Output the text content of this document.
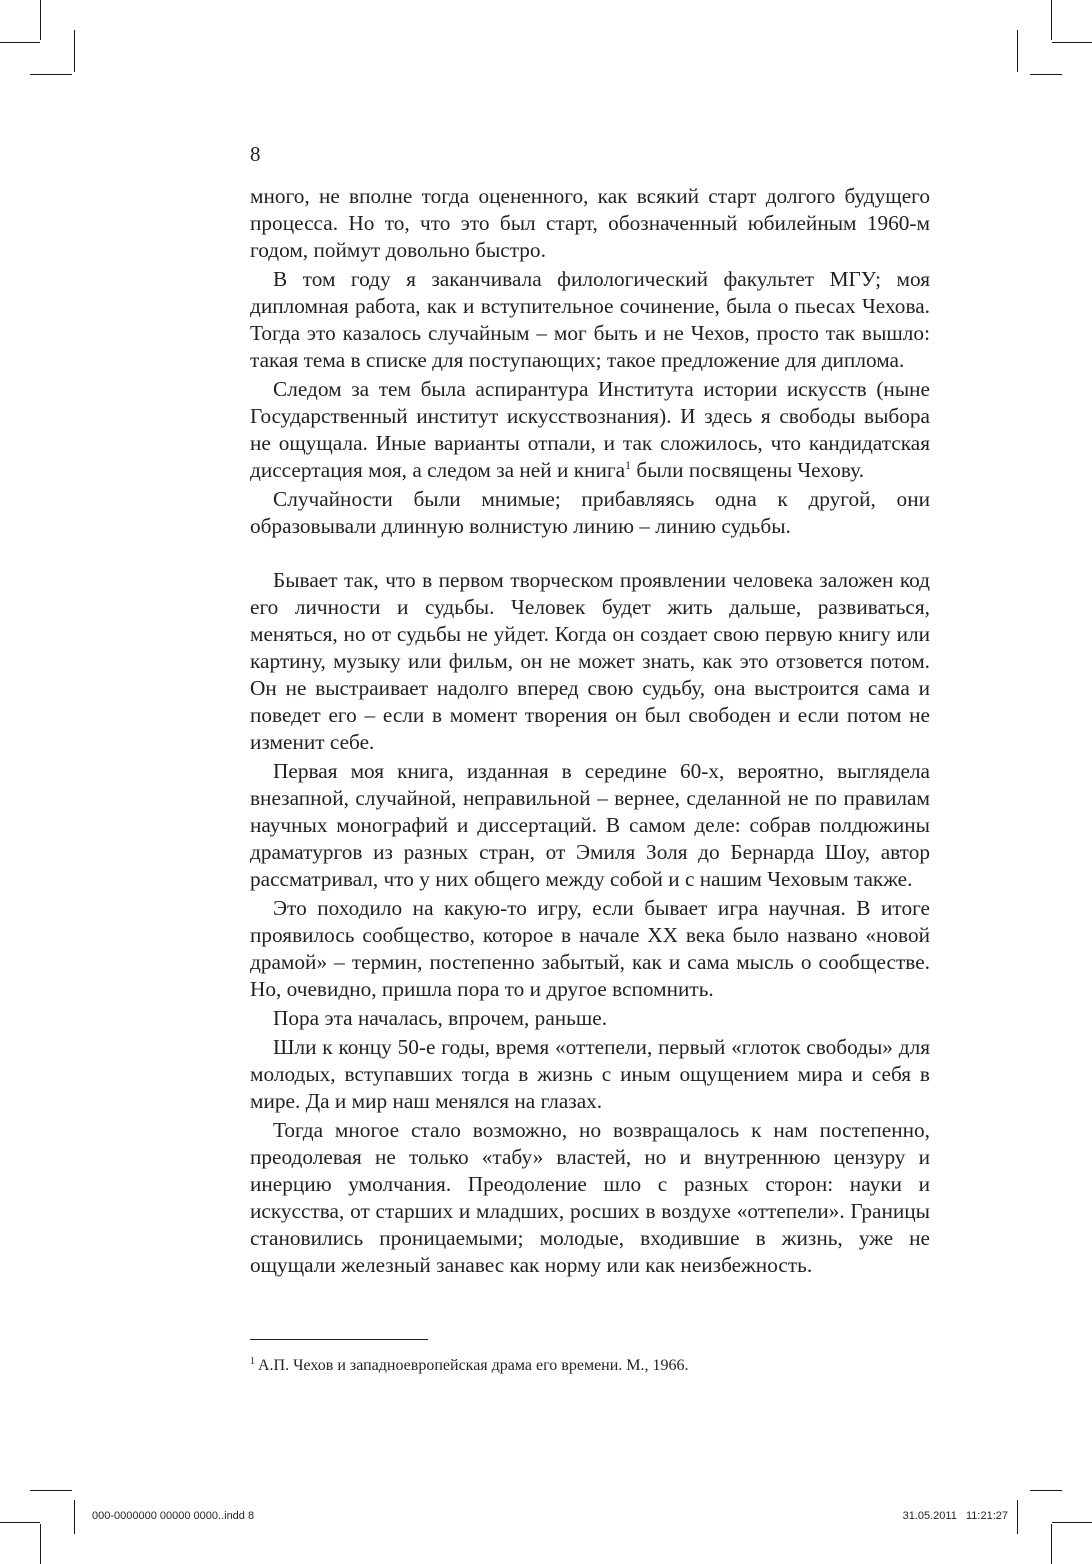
8

много, не вполне тогда оцененного, как всякий старт долгого будущего процесса. Но то, что это был старт, обозначенный юбилейным 1960-м годом, поймут довольно быстро.

В том году я заканчивала филологический факультет МГУ; моя дипломная работа, как и вступительное сочинение, была о пьесах Чехова. Тогда это казалось случайным – мог быть и не Чехов, просто так вышло: такая тема в списке для поступающих; такое предложение для диплома.

Следом за тем была аспирантура Института истории искусств (ныне Государственный институт искусствознания). И здесь я свободы выбора не ощущала. Иные варианты отпали, и так сложилось, что кандидатская диссертация моя, а следом за ней и книга$^1$ были посвящены Чехову.

Случайности были мнимые; прибавляясь одна к другой, они образовывали длинную волнистую линию – линию судьбы.

Бывает так, что в первом творческом проявлении человека заложен код его личности и судьбы. Человек будет жить дальше, развиваться, меняться, но от судьбы не уйдет. Когда он создает свою первую книгу или картину, музыку или фильм, он не может знать, как это отзовется потом. Он не выстраивает надолго вперед свою судьбу, она выстроится сама и поведет его – если в момент творения он был свободен и если потом не изменит себе.

Первая моя книга, изданная в середине 60-х, вероятно, выглядела внезапной, случайной, неправильной – вернее, сделанной не по правилам научных монографий и диссертаций. В самом деле: собрав полдюжины драматургов из разных стран, от Эмиля Золя до Бернарда Шоу, автор рассматривал, что у них общего между собой и с нашим Чеховым также.

Это походило на какую-то игру, если бывает игра научная. В итоге проявилось сообщество, которое в начале XX века было названо «новой драмой» – термин, постепенно забытый, как и сама мысль о сообществе. Но, очевидно, пришла пора то и другое вспомнить.

Пора эта началась, впрочем, раньше.

Шли к концу 50-е годы, время «оттепели, первый «глоток свободы» для молодых, вступавших тогда в жизнь с иным ощущением мира и себя в мире. Да и мир наш менялся на глазах.

Тогда многое стало возможно, но возвращалось к нам постепенно, преодолевая не только «табу» властей, но и внутреннюю цензуру и инерцию умолчания. Преодоление шло с разных сторон: науки и искусства, от старших и младших, росших в воздухе «оттепели». Границы становились проницаемыми; молодые, входившие в жизнь, уже не ощущали железный занавес как норму или как неизбежность.

$^1$ А.П. Чехов и западноевропейская драма его времени. М., 1966.
000-0000000 00000 0000..indd 8	31.05.2011   11:21:27
